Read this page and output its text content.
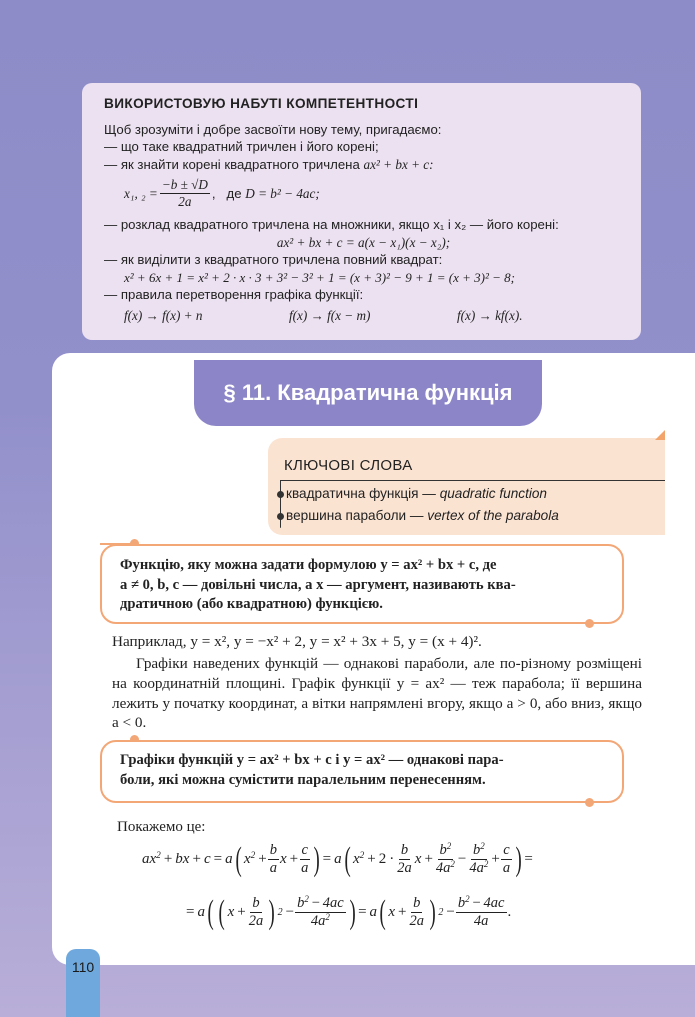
ВИКОРИСТОВУЮ НАБУТІ КОМПЕТЕНТНОСТІ
Щоб зрозуміти і добре засвоїти нову тему, пригадаємо:
— що таке квадратний тричлен і його корені;
— як знайти корені квадратного тричлена ax² + bx + c:
x₁, $_2 = \frac{-b \pm √D}{2a}$ ,   де D = b² − 4ac;
— розклад квадратного тричлена на множники, якщо x₁ і x₂ — його корені:
ax² + bx + c = a(x − x₁)(x − x₂);
— як виділити з квадратного тричлена повний квадрат:
x² + 6x + 1 = x² + 2 · x · 3 + 3² − 3² + 1 = (x + 3)² − 9 + 1 = (x + 3)² − 8;
— правила перетворення графіка функції:
f(x) → f(x) + n	f(x) → f(x − m)	f(x) → kf(x).
§ 11. Квадратична функція
КЛЮЧОВІ СЛОВА
квадратична функція — quadratic function
вершина параболи — vertex of the parabola
Функцію, яку можна задати формулою y = ax² + bx + c, де
a ≠ 0, b, c — довільні числа, а x — аргумент, називають ква-
дратичною (або квадратною) функцією.
Наприклад, y = x², y = −x² + 2, y = x² + 3x + 5, y = (x + 4)².
Графіки наведених функцій — однакові параболи, але по-різному розміщені на координатній площині. Графік функції y = ax² — теж парабола; її вершина лежить у початку координат, а вітки напрямлені вгору, якщо a > 0, або вниз, якщо a < 0.
Графіки функцій y = ax² + bx + c і y = ax² — однакові пара-
боли, які можна сумістити паралельним перенесенням.
Покажемо це:
$ax^2$ + bx + c = a ( $x^2 + \frac{b}{a}$ $x + \frac{c}{a}$ ) =  a ( $x^2 + 2 \cdot \frac{b}{2a}$ $x + \frac{b^2}{4a^2} - \frac{b^2}{4a^2} + \frac{c}{a}$ ) =
=  a ( ( $x + \frac{b}{2a}$ ) $2 - \frac{b^2 - 4ac}{4a^2}$ ) =  a ( $x + \frac{b}{2a}$ ) $2 - \frac{b^2 - 4ac}{4a}$ .
110
